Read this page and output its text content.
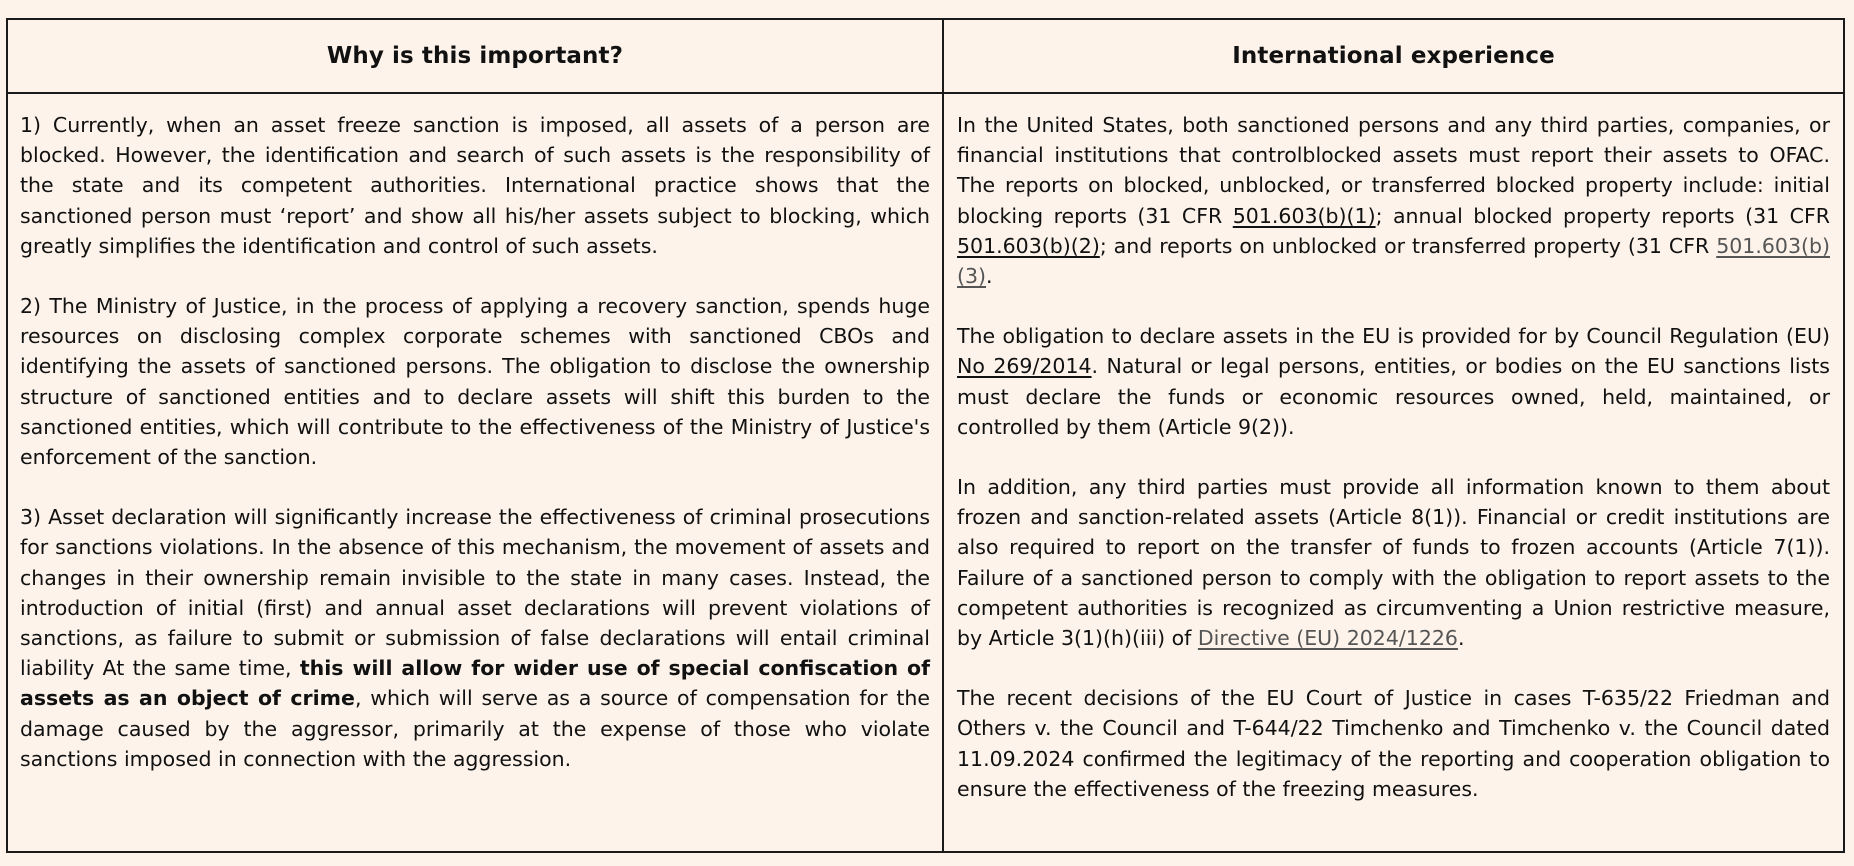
Why is this important?	International experience

1) Currently, when an asset freeze sanction is imposed, all assets of a person are blocked. However, the identification and search of such assets is the responsibility of the state and its competent authorities. International practice shows that the sanctioned person must ‘report’ and show all his/her assets subject to blocking, which greatly simplifies the identification and control of such assets.

2) The Ministry of Justice, in the process of applying a recovery sanction, spends huge resources on disclosing complex corporate schemes with sanctioned CBOs and identifying the assets of sanctioned persons. The obligation to disclose the ownership structure of sanctioned entities and to declare assets will shift this burden to the sanctioned entities, which will contribute to the effectiveness of the Ministry of Justice's enforcement of the sanction.

3) Asset declaration will significantly increase the effectiveness of criminal prosecutions for sanctions violations. In the absence of this mechanism, the movement of assets and changes in their ownership remain invisible to the state in many cases. Instead, the introduction of initial (first) and annual asset declarations will prevent violations of sanctions, as failure to submit or submission of false declarations will entail criminal liability At the same time, this will allow for wider use of special confiscation of assets as an object of crime, which will serve as a source of compensation for the damage caused by the aggressor, primarily at the expense of those who violate sanctions imposed in connection with the aggression.

In the United States, both sanctioned persons and any third parties, companies, or financial institutions that controlblocked assets must report their assets to OFAC. The reports on blocked, unblocked, or transferred blocked property include: initial blocking reports (31 CFR 501.603(b)(1); annual blocked property reports (31 CFR 501.603(b)(2); and reports on unblocked or transferred property (31 CFR 501.603(b)(3).

The obligation to declare assets in the EU is provided for by Council Regulation (EU) No 269/2014. Natural or legal persons, entities, or bodies on the EU sanctions lists must declare the funds or economic resources owned, held, maintained, or controlled by them (Article 9(2)).

In addition, any third parties must provide all information known to them about frozen and sanction-related assets (Article 8(1)). Financial or credit institutions are also required to report on the transfer of funds to frozen accounts (Article 7(1)). Failure of a sanctioned person to comply with the obligation to report assets to the competent authorities is recognized as circumventing a Union restrictive measure, by Article 3(1)(h)(iii) of Directive (EU) 2024/1226.

The recent decisions of the EU Court of Justice in cases T-635/22 Friedman and Others v. the Council and T-644/22 Timchenko and Timchenko v. the Council dated 11.09.2024 confirmed the legitimacy of the reporting and cooperation obligation to ensure the effectiveness of the freezing measures.
